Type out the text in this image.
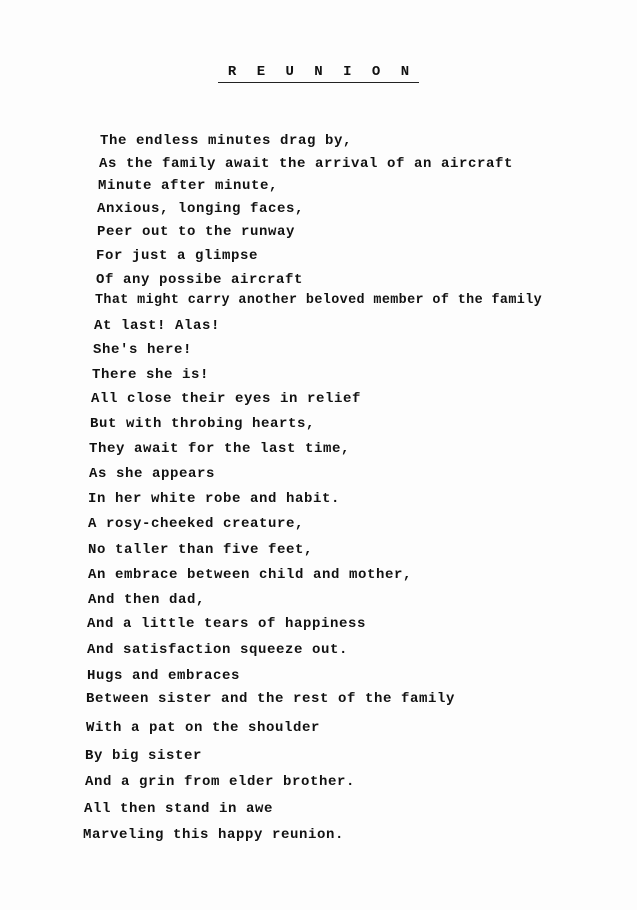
R E U N I O N
The endless minutes drag by,
As the family await the arrival of an aircraft
Minute after minute,
Anxious, longing faces,
Peer out to the runway
For just a glimpse
Of any possibe aircraft
That might carry another beloved member of the family
At last! Alas!
She's here!
There she is!
All close their eyes in relief
But with throbing hearts,
They await for the last time,
As she appears
In her white robe and habit.
A rosy-cheeked creature,
No taller than five feet,
An embrace between child and mother,
And then dad,
And a little tears of happiness
And satisfaction squeeze out.
Hugs and embraces
Between sister and the rest of the family
With a pat on the shoulder
By big sister
And a grin from elder brother.
All then stand in awe
Marveling this happy reunion.
